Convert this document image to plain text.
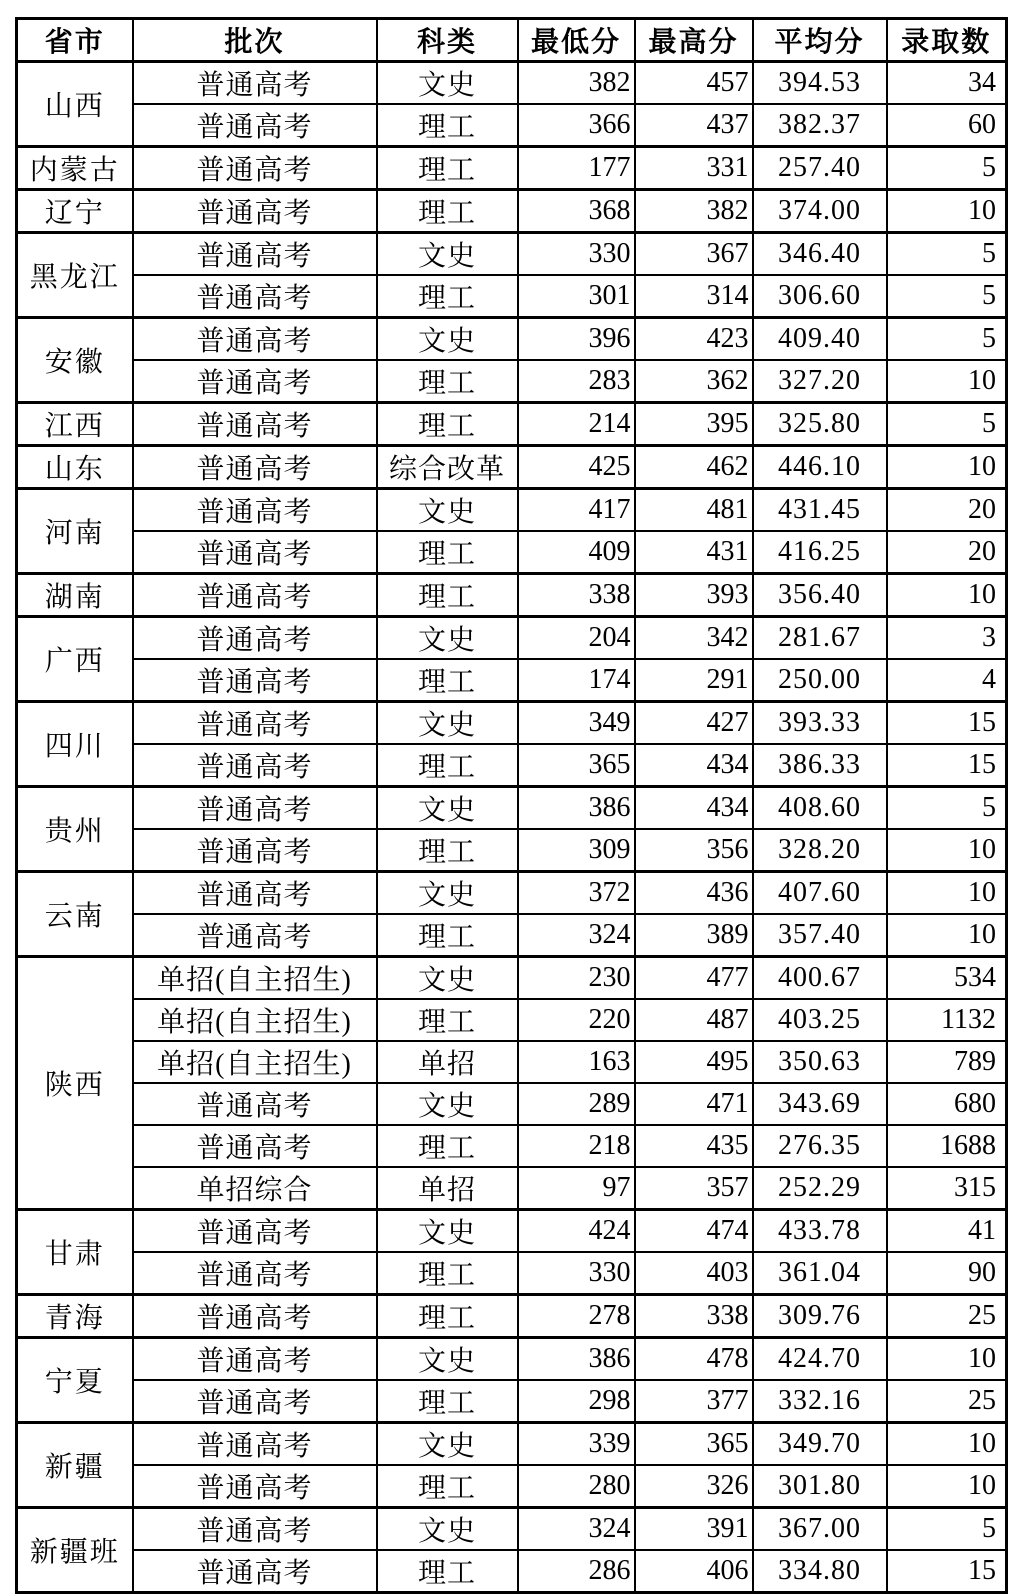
省市	批次	科类	最低分	最高分	平均分	录取数
山西	普通高考	文史	382	457	394.53	34
	普通高考	理工	366	437	382.37	60
内蒙古	普通高考	理工	177	331	257.40	5
辽宁	普通高考	理工	368	382	374.00	10
黑龙江	普通高考	文史	330	367	346.40	5
	普通高考	理工	301	314	306.60	5
安徽	普通高考	文史	396	423	409.40	5
	普通高考	理工	283	362	327.20	10
江西	普通高考	理工	214	395	325.80	5
山东	普通高考	综合改革	425	462	446.10	10
河南	普通高考	文史	417	481	431.45	20
	普通高考	理工	409	431	416.25	20
湖南	普通高考	理工	338	393	356.40	10
广西	普通高考	文史	204	342	281.67	3
	普通高考	理工	174	291	250.00	4
四川	普通高考	文史	349	427	393.33	15
	普通高考	理工	365	434	386.33	15
贵州	普通高考	文史	386	434	408.60	5
	普通高考	理工	309	356	328.20	10
云南	普通高考	文史	372	436	407.60	10
	普通高考	理工	324	389	357.40	10
陕西	单招(自主招生)	文史	230	477	400.67	534
	单招(自主招生)	理工	220	487	403.25	1132
	单招(自主招生)	单招	163	495	350.63	789
	普通高考	文史	289	471	343.69	680
	普通高考	理工	218	435	276.35	1688
	单招综合	单招	97	357	252.29	315
甘肃	普通高考	文史	424	474	433.78	41
	普通高考	理工	330	403	361.04	90
青海	普通高考	理工	278	338	309.76	25
宁夏	普通高考	文史	386	478	424.70	10
	普通高考	理工	298	377	332.16	25
新疆	普通高考	文史	339	365	349.70	10
	普通高考	理工	280	326	301.80	10
新疆班	普通高考	文史	324	391	367.00	5
	普通高考	理工	286	406	334.80	15
